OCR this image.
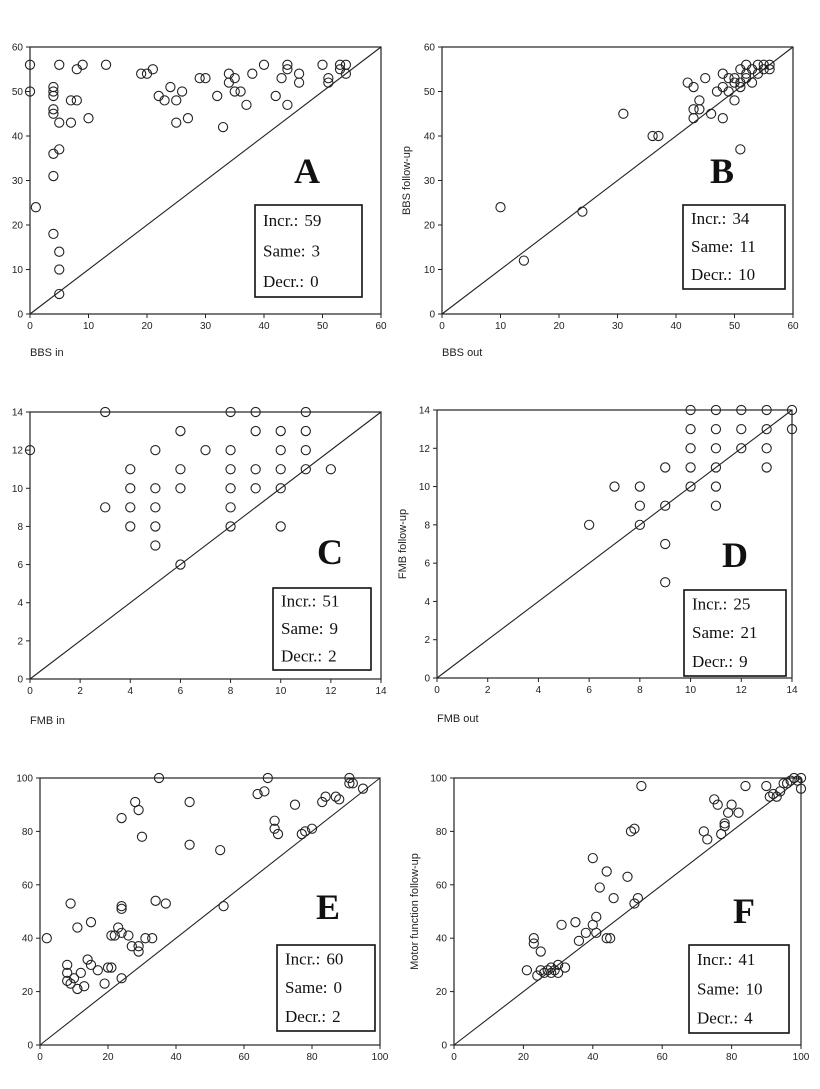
0	10	20	30	40	50	60
0
10
20
30
40
50
60
A
Incr.: 59
Same: 3
Decr.: 0
BBS in
0	10	20	30	40	50	60
0
10
20
30
40
50
60
B
Incr.: 34
Same: 11
Decr.: 10
BBS out
BBS follow-up
0	2	4	6	8	10	12	14
0
2
4
6
8
10
12
14
C
Incr.: 51
Same: 9
Decr.: 2
FMB in
0	2	4	6	8	10	12	14
0
2
4
6
8
10
12
14
D
Incr.: 25
Same: 21
Decr.: 9
FMB out
FMB follow-up
0	20	40	60	80	100
0
20
40
60
80
100
E
Incr.: 60
Same: 0
Decr.: 2
0	20	40	60	80	100
0
20
40
60
80
100
F
Incr.: 41
Same: 10
Decr.: 4
Motor function follow-up
